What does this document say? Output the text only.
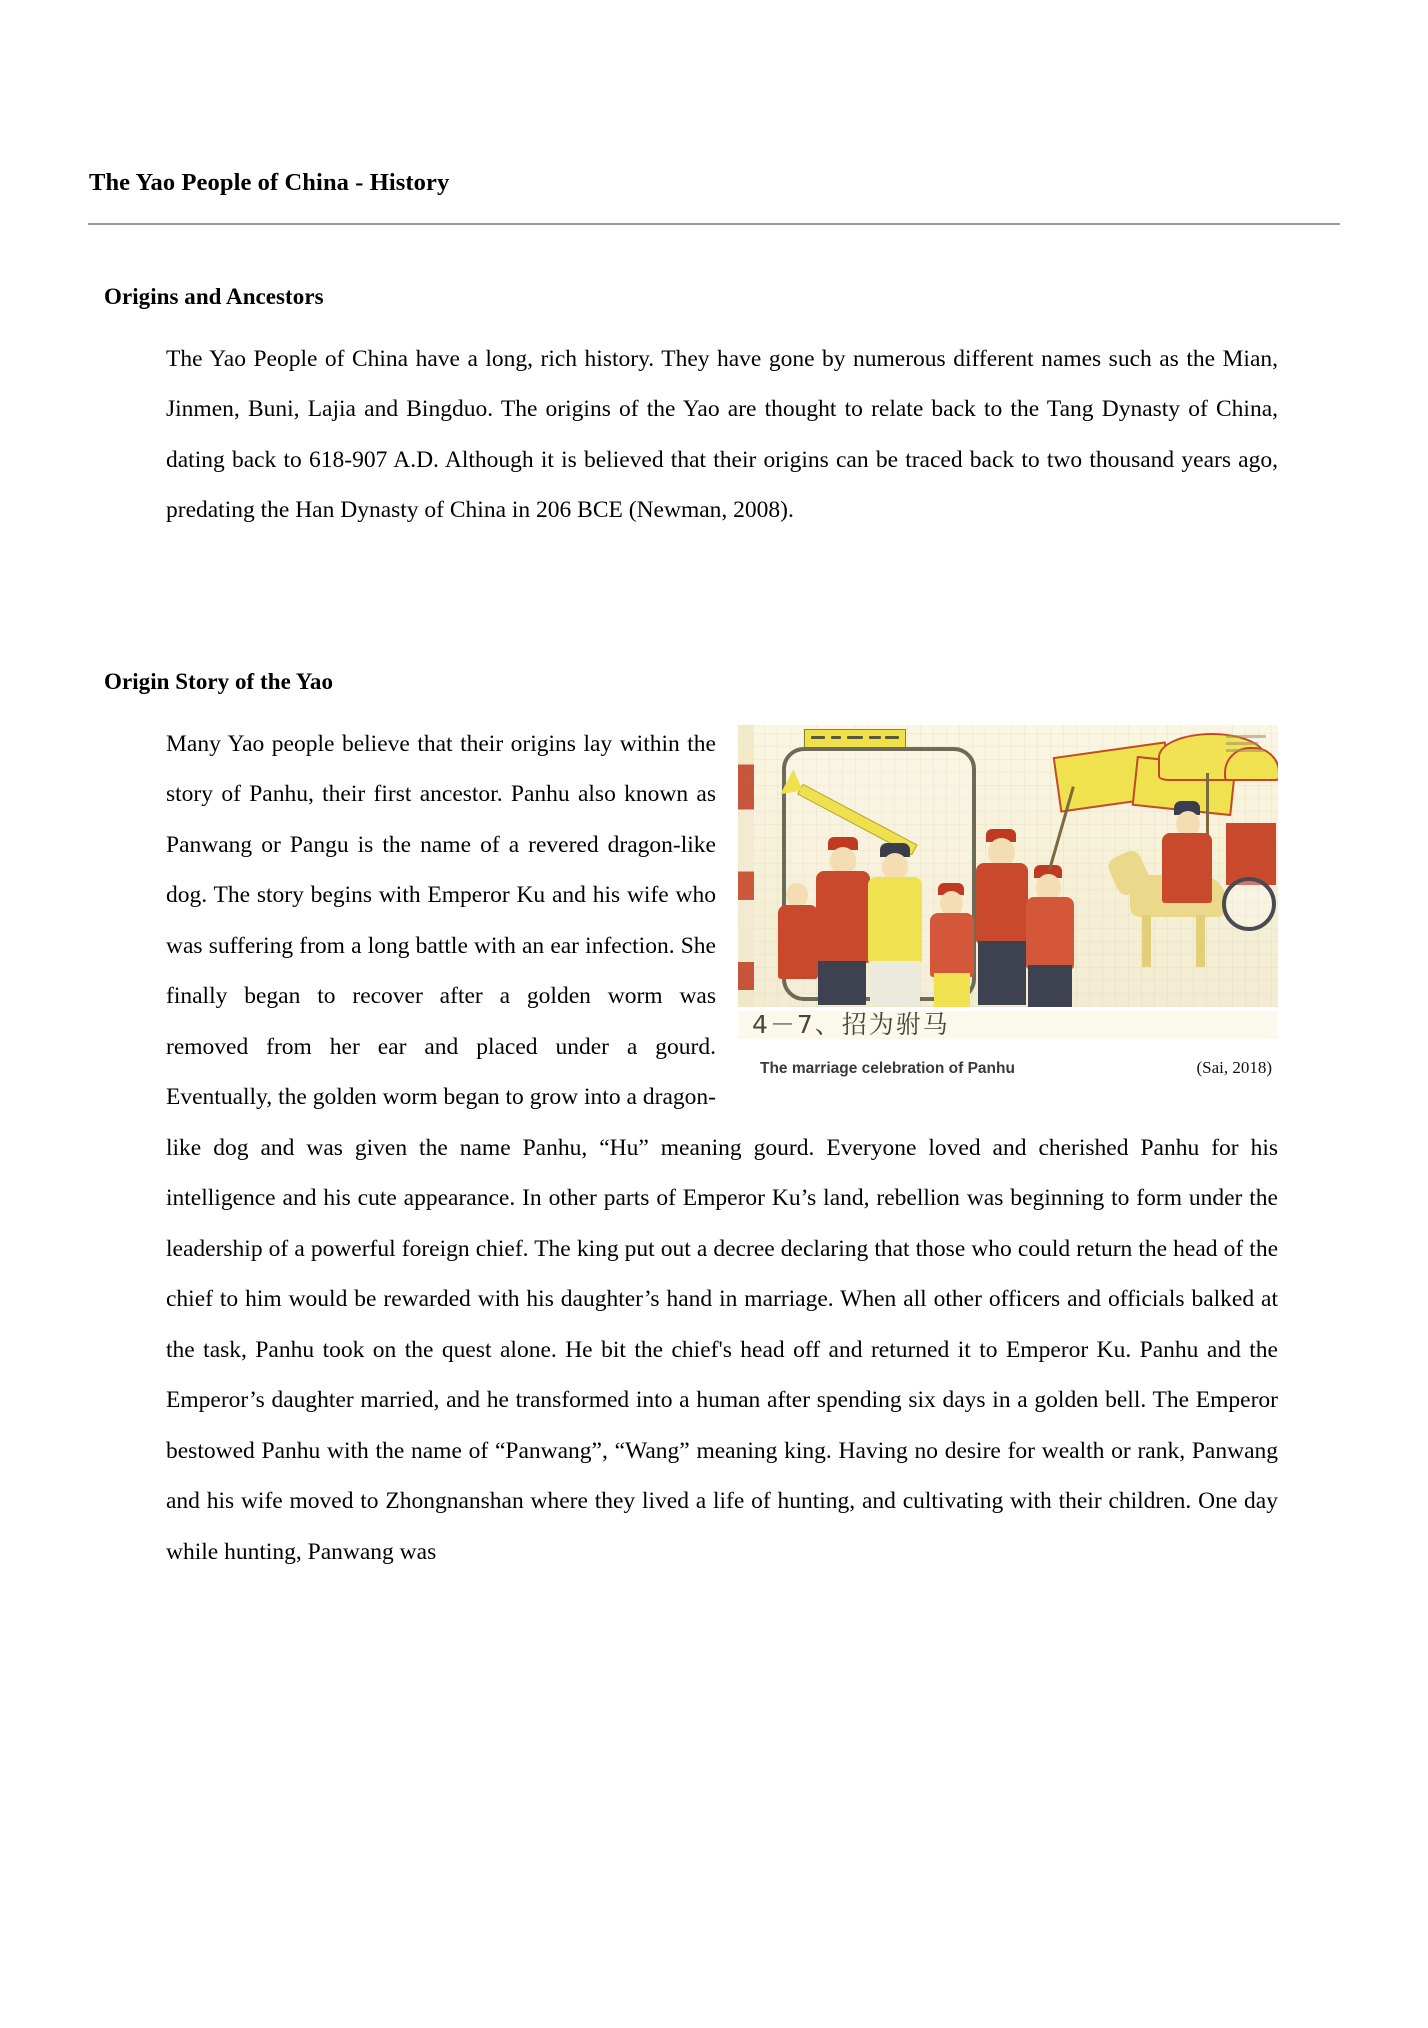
The Yao People of China - History
Origins and Ancestors

The Yao People of China have a long, rich history. They have gone by numerous different names such as the Mian, Jinmen, Buni, Lajia and Bingduo. The origins of the Yao are thought to relate back to the Tang Dynasty of China, dating back to 618-907 A.D. Although it is believed that their origins can be traced back to two thousand years ago, predating the Han Dynasty of China in 206 BCE (Newman, 2008).

Origin Story of the Yao
4－7、招为驸马
The marriage celebration of Panhu	(Sai, 2018)

Many Yao people believe that their origins lay within the story of Panhu, their first ancestor. Panhu also known as Panwang or Pangu is the name of a revered dragon-like dog. The story begins with Emperor Ku and his wife who was suffering from a long battle with an ear infection. She finally began to recover after a golden worm was removed from her ear and placed under a gourd. Eventually, the golden worm began to grow into a dragon-like dog and was given the name Panhu, “Hu” meaning gourd. Everyone loved and cherished Panhu for his intelligence and his cute appearance. In other parts of Emperor Ku’s land, rebellion was beginning to form under the leadership of a powerful foreign chief. The king put out a decree declaring that those who could return the head of the chief to him would be rewarded with his daughter’s hand in marriage. When all other officers and officials balked at the task, Panhu took on the quest alone. He bit the chief's head off and returned it to Emperor Ku. Panhu and the Emperor’s daughter married, and he transformed into a human after spending six days in a golden bell. The Emperor bestowed Panhu with the name of “Panwang”, “Wang” meaning king. Having no desire for wealth or rank, Panwang and his wife moved to Zhongnanshan where they lived a life of hunting, and cultivating with their children. One day while hunting, Panwang was
